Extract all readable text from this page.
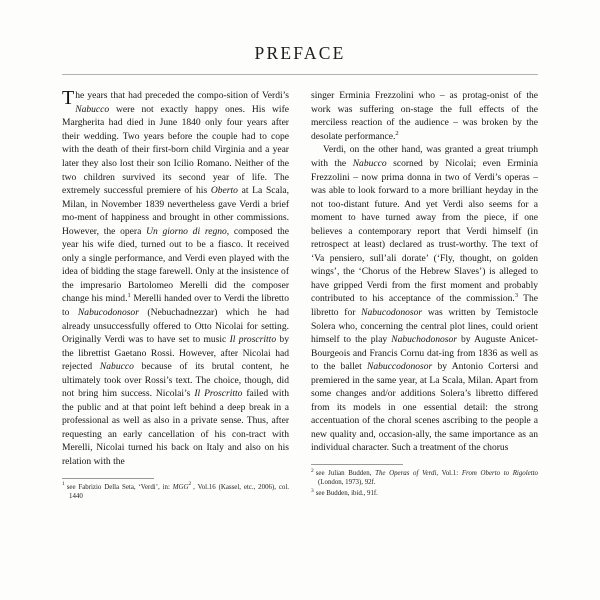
PREFACE

The years that had preceded the compo-sition of Verdi’s Nabucco were not exactly happy ones. His wife Margherita had died in June 1840 only four years after their wedding. Two years before the couple had to cope with the death of their first-born child Virginia and a year later they also lost their son Icilio Romano. Neither of the two children survived its second year of life. The extremely successful premiere of his Oberto at La Scala, Milan, in November 1839 nevertheless gave Verdi a brief mo-ment of happiness and brought in other commissions. However, the opera Un giorno di regno, composed the year his wife died, turned out to be a fiasco. It received only a single performance, and Verdi even played with the idea of bidding the stage farewell. Only at the insistence of the impresario Bartolomeo Merelli did the composer change his mind.$^1$ Merelli handed over to Verdi the libretto to Nabucodonosor (Nebuchadnezzar) which he had already unsuccessfully offered to Otto Nicolai for setting. Originally Verdi was to have set to music Il proscritto by the librettist Gaetano Rossi. However, after Nicolai had rejected Nabucco because of its brutal content, he ultimately took over Rossi’s text. The choice, though, did not bring him success. Nicolai’s Il Proscritto failed with the public and at that point left behind a deep break in a professional as well as also in a private sense. Thus, after requesting an early cancellation of his con-tract with Merelli, Nicolai turned his back on Italy and also on his relation with the

$^1$ see Fabrizio Della Seta, ‘Verdi’, in: MGG$^2$ , Vol.16 (Kassel, etc., 2006), col. 1440

singer Erminia Frezzolini who – as protag-onist of the work was suffering on-stage the full effects of the merciless reaction of the audience – was broken by the desolate performance.$^2$

Verdi, on the other hand, was granted a great triumph with the Nabucco scorned by Nicolai; even Erminia Frezzolini – now prima donna in two of Verdi’s operas – was able to look forward to a more brilliant heyday in the not too-distant future. And yet Verdi also seems for a moment to have turned away from the piece, if one believes a contemporary report that Verdi himself (in retrospect at least) declared as trust-worthy. The text of ‘Va pensiero, sull’ali dorate’ (‘Fly, thought, on golden wings’, the ‘Chorus of the Hebrew Slaves’) is alleged to have gripped Verdi from the first moment and probably contributed to his acceptance of the commission.$^3$ The libretto for Nabucodonosor was written by Temistocle Solera who, concerning the central plot lines, could orient himself to the play Nabuchodonosor by Auguste Anicet-Bourgeois and Francis Cornu dat-ing from 1836 as well as to the ballet Nabuccodonosor by Antonio Cortersi and premiered in the same year, at La Scala, Milan. Apart from some changes and/or additions Solera’s libretto differed from its models in one essential detail: the strong accentuation of the choral scenes ascribing to the people a new quality and, occasion-ally, the same importance as an individual character. Such a treatment of the chorus

$^2$ see Julian Budden, The Operas of Verdi, Vol.1: From Oberto to Rigoletto (London, 1973), 92f.

$^3$ see Budden, ibid., 91f.
